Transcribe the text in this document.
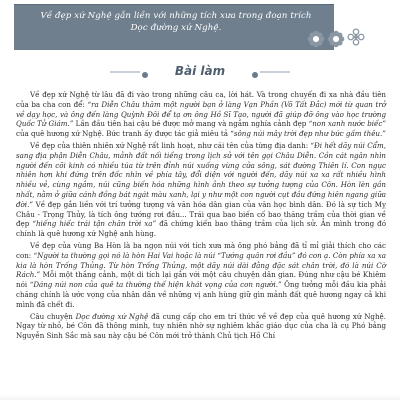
Về đẹp xứ Nghệ gắn liền với những tích xưa trong đoạn trích
Dọc đường xứ Nghệ.
Bài làm

Về đẹp xứ Nghệ từ lâu đã đi vào trong những câu ca, lời hát. Và trong chuyến đi xa nhà đầu tiên của ba cha con để: “ra Diễn Châu thăm một người bạn ở làng Vạn Phần (Võ Tất Đắc) mới từ quan trở về dạy học, và ông đến làng Quỳnh Đôi để tạ ơn ông Hồ Sĩ Tạo, người đã giúp đỡ ông vào học trường Quốc Tử Giám.” Lần đầu tiên hai cậu bé được mở mang và ngắm nghía cảnh đẹp “non xanh nước biếc” của quê hương xứ Nghệ. Bức tranh ấy được tác giả miêu tả “sông núi mây trời đẹp như bức gấm thêu.”

Về đẹp của thiên nhiên xứ Nghệ rất linh hoạt, như cái tên của từng địa danh: “Đi hết dãy núi Cẩm, sang địa phận Diễn Châu, mảnh đất nối tiếng trong lịch sử với tên gọi Châu Diễn. Cồn cát ngân nhìn người đến cõi kinh có nhiều túa từ trên đỉnh núi xuống vùng cửa sông, sát đường Thiên lí. Con ngục nhiên hơn khi đứng trên đốc nhìn về phía tây, đổi diện với người đến, dãy núi xa xa rất nhiều hình nhiều vẻ, cùng ngắm, núi cũng biến hóa những hình ảnh theo sự tưởng tượng của Côn. Hòn lèn gần nhất, nằm ở giữa cánh đồng bát ngát màu xanh, lại y như một con người cụt đầu đứng hiên ngang giữa đời.” Về đẹp gắn liền với trí tưởng tượng và văn hóa dân gian của văn học bình dân. Đó là sự tích Mỵ Châu - Trọng Thủy, là tích ông tướng rơi đầu... Trái qua bao biến cố bao thăng trầm của thời gian về đẹp “hiếng hiếc trái tận chân trời xa” đã chứng kiến bao thăng trầm của lịch sử. Ản mình trong đó chính là quê hương xứ Nghệ anh hùng.

Về đẹp của vùng Ba Hòn là ba ngọn núi với tích xưa mà ông phó bảng đã tỉ mỉ giải thích cho các con: “Người ta thường gọi nó là hòn Hai Vai hoặc là núi “Tướng quân rơi đầu” đó con ạ. Còn phía xa xa kia là hòn Trống Thủng. Từ hòn Trống Thủng, một dãy núi dài đằng đặc sát chân trời, đó là núi Cờ Rách.” Mỗi một thắng cảnh, một di tích lại gắn với một câu chuyện dân gian. Đúng như cậu bé Khiêm nói “Dáng núi non của quê ta thường thế hiện khát vọng của con người.” Ông tưởng mỗi đầu kia phải chăng chính là ước vọng của nhân dân về những vị anh hùng giữ gìn mảnh đất quê hương ngay cả khi mình đã chết đi.

Câu chuyện Dọc đường xứ Nghệ đã cung cấp cho em trí thức về về đẹp của quê hương xứ Nghệ. Ngay từ nhỏ, bé Côn đã thông minh, tuy nhiên nhờ sự nghiêm khắc giáo dục của cha là cụ Phó bảng Nguyễn Sinh Sắc mà sau này cậu bé Côn mới trở thành Chủ tịch Hồ Chí
